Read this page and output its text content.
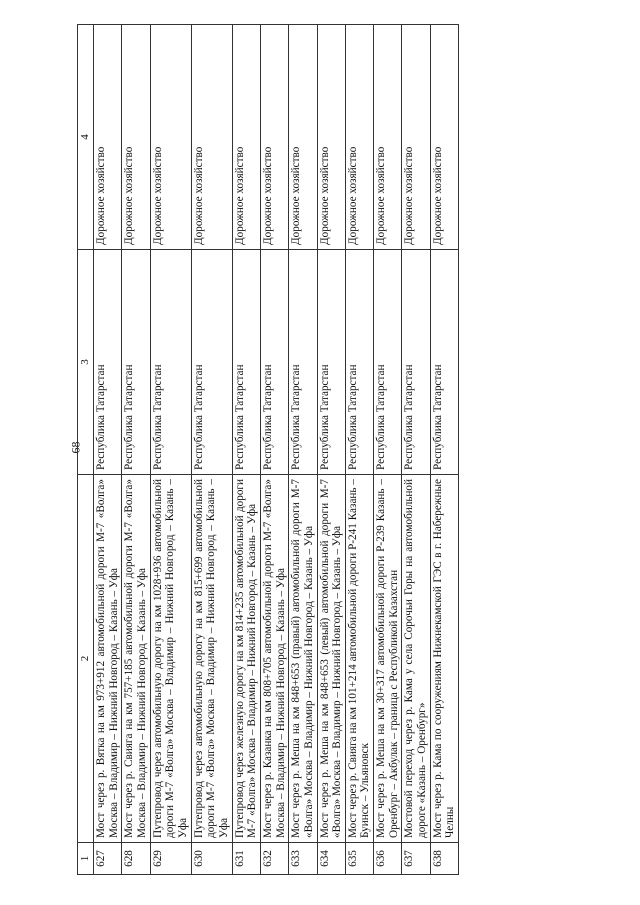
68
1	2	3	4
627	Мост через р. Вятка на км 973+912 автомобильной дороги М-7 «Волга» Москва – Владимир – Нижний Новгород – Казань – Уфа	Республика Татарстан	Дорожное хозяйство
628	Мост через р. Свияга на км 757+185 автомобильной дороги М-7 «Волга» Москва – Владимир – Нижний Новгород – Казань – Уфа	Республика Татарстан	Дорожное хозяйство
629	Путепровод через автомобильную дорогу на км 1028+936 автомобильной дороги М-7 «Волга» Москва – Владимир – Нижний Новгород – Казань – Уфа	Республика Татарстан	Дорожное хозяйство
630	Путепровод через автомобильную дорогу на км 815+699 автомобильной дороги М-7 «Волга» Москва – Владимир – Нижний Новгород – Казань – Уфа	Республика Татарстан	Дорожное хозяйство
631	Путепровод через железную дорогу на км 814+235 автомобильной дороги М-7 «Волга» Москва – Владимир – Нижний Новгород – Казань – Уфа	Республика Татарстан	Дорожное хозяйство
632	Мост через р. Казанка на км 808+705 автомобильной дороги М-7 «Волга» Москва – Владимир – Нижний Новгород – Казань – Уфа	Республика Татарстан	Дорожное хозяйство
633	Мост через р. Меша на км 848+653 (правый) автомобильной дороги М-7 «Волга» Москва – Владимир – Нижний Новгород – Казань – Уфа	Республика Татарстан	Дорожное хозяйство
634	Мост через р. Меша на км 848+653 (левый) автомобильной дороги М-7 «Волга» Москва – Владимир – Нижний Новгород – Казань – Уфа	Республика Татарстан	Дорожное хозяйство
635	Мост через р. Свияга на км 101+214 автомобильной дороги Р-241 Казань – Буинск – Ульяновск	Республика Татарстан	Дорожное хозяйство
636	Мост через р. Меша на км 30+317 автомобильной дороги Р-239 Казань – Оренбург – Акбулак – граница с Республикой Казахстан	Республика Татарстан	Дорожное хозяйство
637	Мостовой переход через р. Кама у села Сорочьи Горы на автомобильной дороге «Казань – Оренбург»	Республика Татарстан	Дорожное хозяйство
638	Мост через р. Кама по сооружениям Нижнекамской ГЭС в г. Набережные Челны	Республика Татарстан	Дорожное хозяйство
